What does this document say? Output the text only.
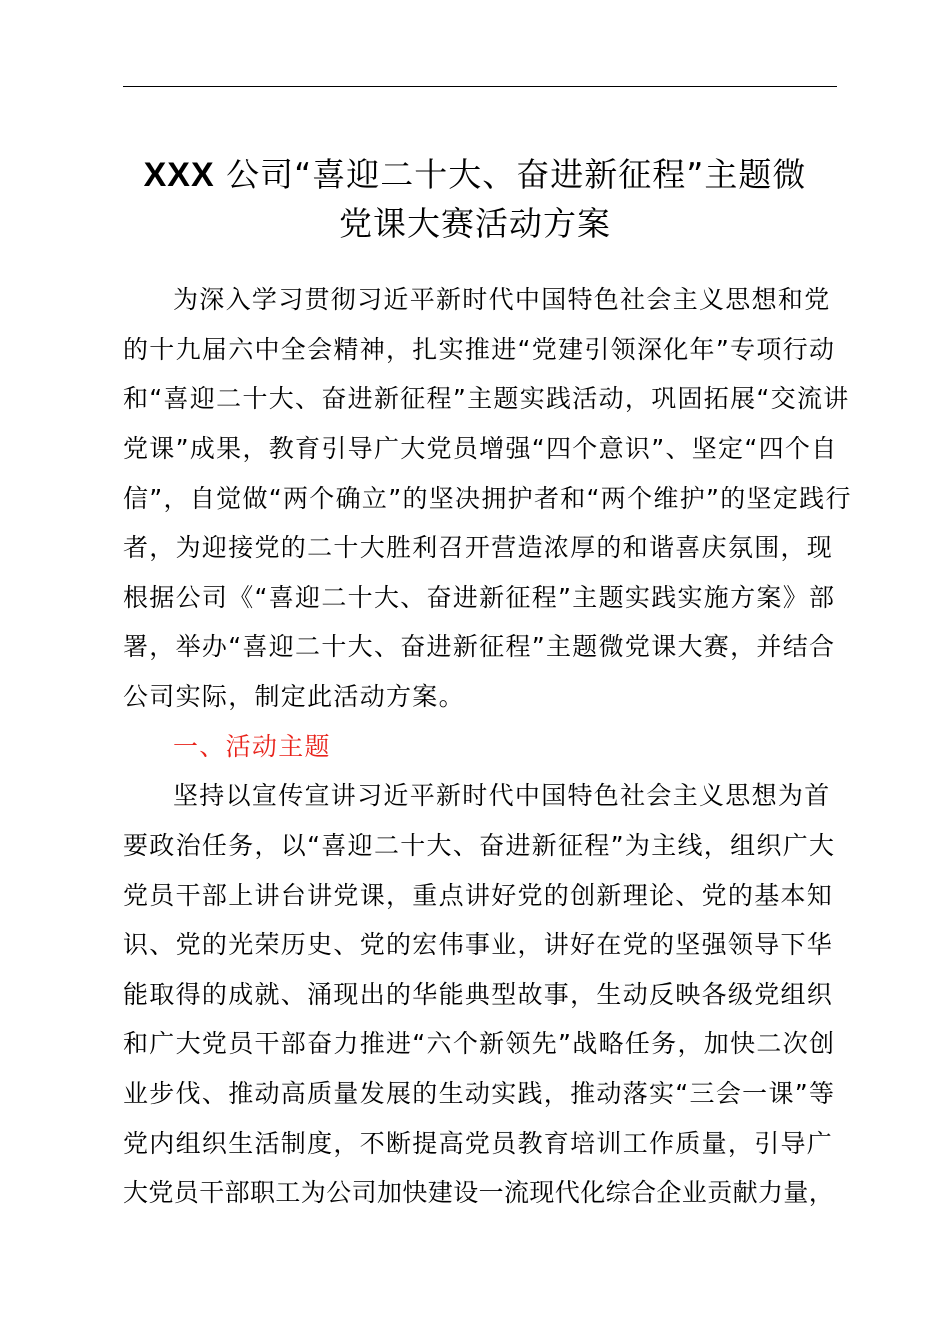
XXX 公司“喜迎二十大、奋进新征程”主题微
党课大赛活动方案
为深入学习贯彻习近平新时代中国特色社会主义思想和党
的十九届六中全会精神，扎实推进“党建引领深化年”专项行动
和“喜迎二十大、奋进新征程”主题实践活动，巩固拓展“交流讲
党课”成果，教育引导广大党员增强“四个意识”、坚定“四个自
信”，自觉做“两个确立”的坚决拥护者和“两个维护”的坚定践行
者，为迎接党的二十大胜利召开营造浓厚的和谐喜庆氛围，现
根据公司《“喜迎二十大、奋进新征程”主题实践实施方案》部
署，举办“喜迎二十大、奋进新征程”主题微党课大赛，并结合
公司实际，制定此活动方案。
一、活动主题
坚持以宣传宣讲习近平新时代中国特色社会主义思想为首
要政治任务，以“喜迎二十大、奋进新征程”为主线，组织广大
党员干部上讲台讲党课，重点讲好党的创新理论、党的基本知
识、党的光荣历史、党的宏伟事业，讲好在党的坚强领导下华
能取得的成就、涌现出的华能典型故事，生动反映各级党组织
和广大党员干部奋力推进“六个新领先”战略任务，加快二次创
业步伐、推动高质量发展的生动实践，推动落实“三会一课”等
党内组织生活制度，不断提高党员教育培训工作质量，引导广
大党员干部职工为公司加快建设一流现代化综合企业贡献力量，
